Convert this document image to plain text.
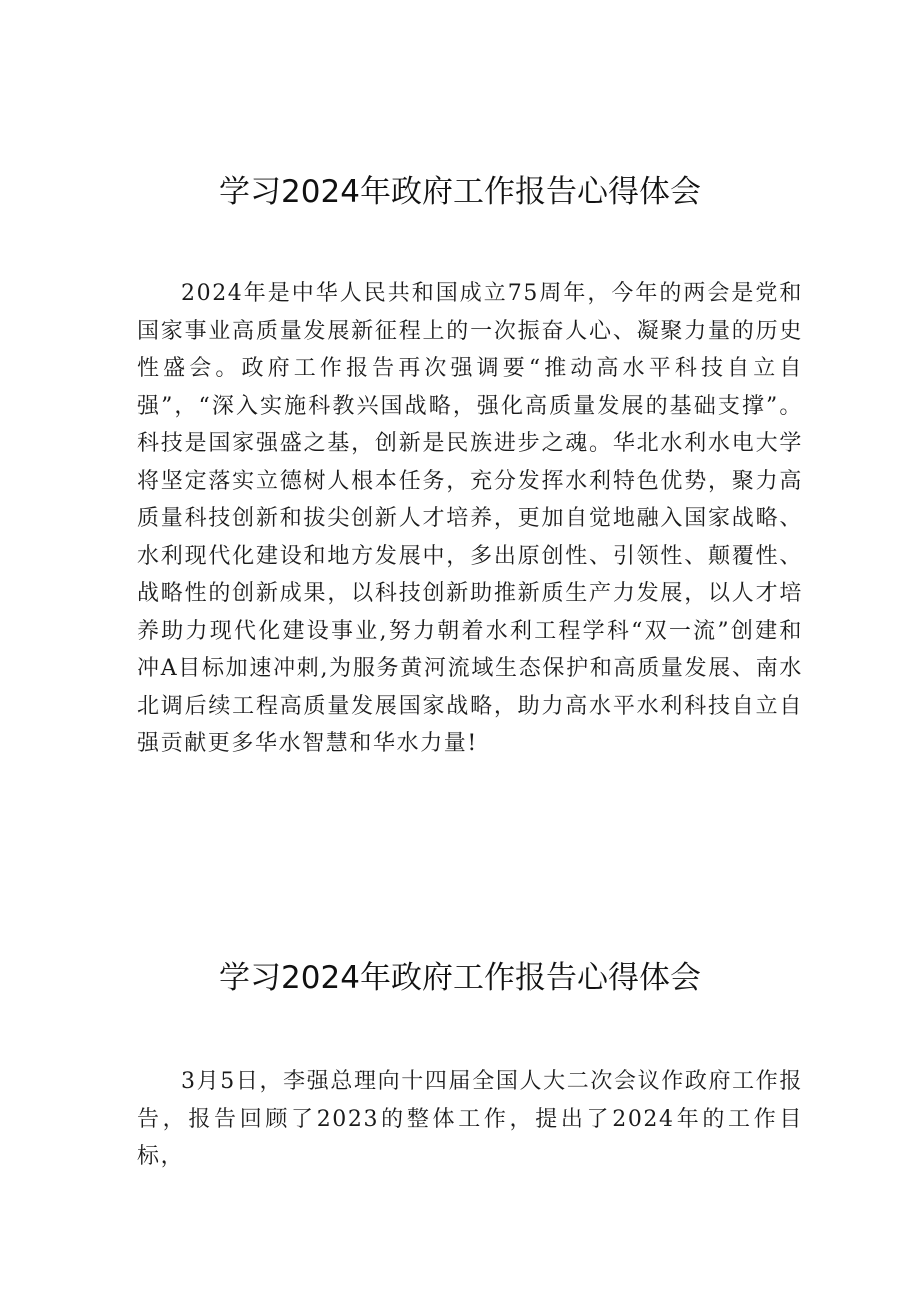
学习2024年政府工作报告心得体会

2024年是中华人民共和国成立75周年，今年的两会是党和国家事业高质量发展新征程上的一次振奋人心、凝聚力量的历史性盛会。政府工作报告再次强调要“推动高水平科技自立自强”，“深入实施科教兴国战略，强化高质量发展的基础支撑”。科技是国家强盛之基，创新是民族进步之魂。华北水利水电大学将坚定落实立德树人根本任务，充分发挥水利特色优势，聚力高质量科技创新和拔尖创新人才培养，更加自觉地融入国家战略、水利现代化建设和地方发展中，多出原创性、引领性、颠覆性、战略性的创新成果，以科技创新助推新质生产力发展，以人才培养助力现代化建设事业,努力朝着水利工程学科“双一流”创建和冲A目标加速冲刺,为服务黄河流域生态保护和高质量发展、南水北调后续工程高质量发展国家战略，助力高水平水利科技自立自强贡献更多华水智慧和华水力量!

学习2024年政府工作报告心得体会

3月5日，李强总理向十四届全国人大二次会议作政府工作报告，报告回顾了2023的整体工作，提出了2024年的工作目标，
